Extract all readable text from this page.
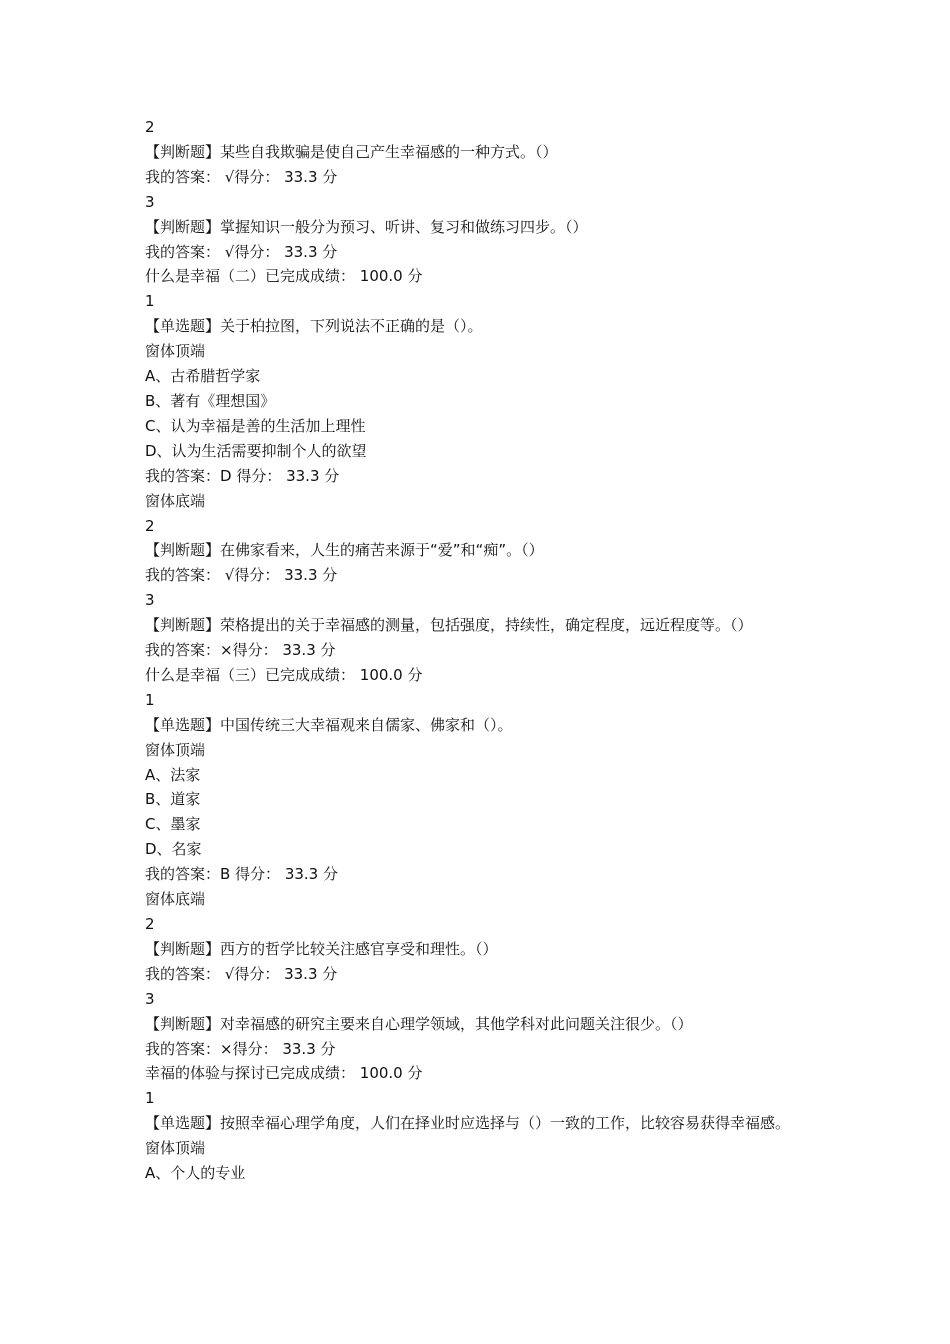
2

【判断题】某些自我欺骗是使自己产生幸福感的一种方式。（）

我的答案： √得分： 33.3 分

3

【判断题】掌握知识一般分为预习、听讲、复习和做练习四步。（）

我的答案： √得分： 33.3 分

什么是幸福（二）已完成成绩： 100.0 分

1

【单选题】关于柏拉图，下列说法不正确的是（）。

窗体顶端

A、古希腊哲学家

B、著有《理想国》

C、认为幸福是善的生活加上理性

D、认为生活需要抑制个人的欲望

我的答案：D 得分： 33.3 分

窗体底端

2

【判断题】在佛家看来，人生的痛苦来源于“爱”和“痴”。（）

我的答案： √得分： 33.3 分

3

【判断题】荣格提出的关于幸福感的测量，包括强度，持续性，确定程度，远近程度等。（）

我的答案：×得分： 33.3 分

什么是幸福（三）已完成成绩： 100.0 分

1

【单选题】中国传统三大幸福观来自儒家、佛家和（）。

窗体顶端

A、法家

B、道家

C、墨家

D、名家

我的答案：B 得分： 33.3 分

窗体底端

2

【判断题】西方的哲学比较关注感官享受和理性。（）

我的答案： √得分： 33.3 分

3

【判断题】对幸福感的研究主要来自心理学领域，其他学科对此问题关注很少。（）

我的答案：×得分： 33.3 分

幸福的体验与探讨已完成成绩： 100.0 分

1

【单选题】按照幸福心理学角度，人们在择业时应选择与（）一致的工作，比较容易获得幸福感。

窗体顶端

A、个人的专业
